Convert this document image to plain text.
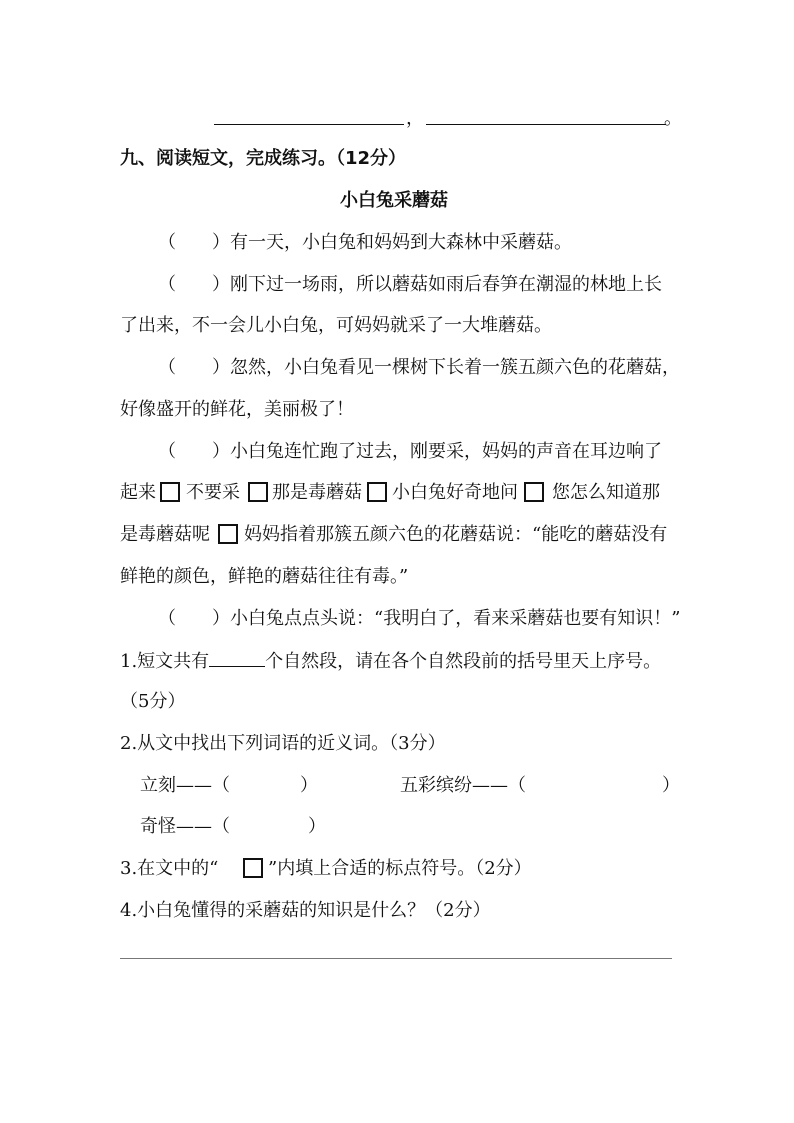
，	。
九、阅读短文，完成练习。（12分）
小白兔采蘑菇
（　　）有一天，小白兔和妈妈到大森林中采蘑菇。
（　　）刚下过一场雨，所以蘑菇如雨后春笋在潮湿的林地上长
了出来，不一会儿小白兔，可妈妈就采了一大堆蘑菇。
（　　）忽然，小白兔看见一棵树下长着一簇五颜六色的花蘑菇，
好像盛开的鲜花，美丽极了！
（　　）小白兔连忙跑了过去，刚要采，妈妈的声音在耳边响了
起来 不要采 那是毒蘑菇 小白兔好奇地问 您怎么知道那
是毒蘑菇呢 妈妈指着那簇五颜六色的花蘑菇说：“能吃的蘑菇没有
鲜艳的颜色，鲜艳的蘑菇往往有毒。”
（　　）小白兔点点头说：“我明白了，看来采蘑菇也要有知识！”
1.短文共有	个自然段，请在各个自然段前的括号里天上序号。
（5分）
2.从文中找出下列词语的近义词。（3分）
立刻——（	）	五彩缤纷——（	）
奇怪——（	）
3.在文中的“	”内填上合适的标点符号。（2分）
4.小白兔懂得的采蘑菇的知识是什么？（2分）
